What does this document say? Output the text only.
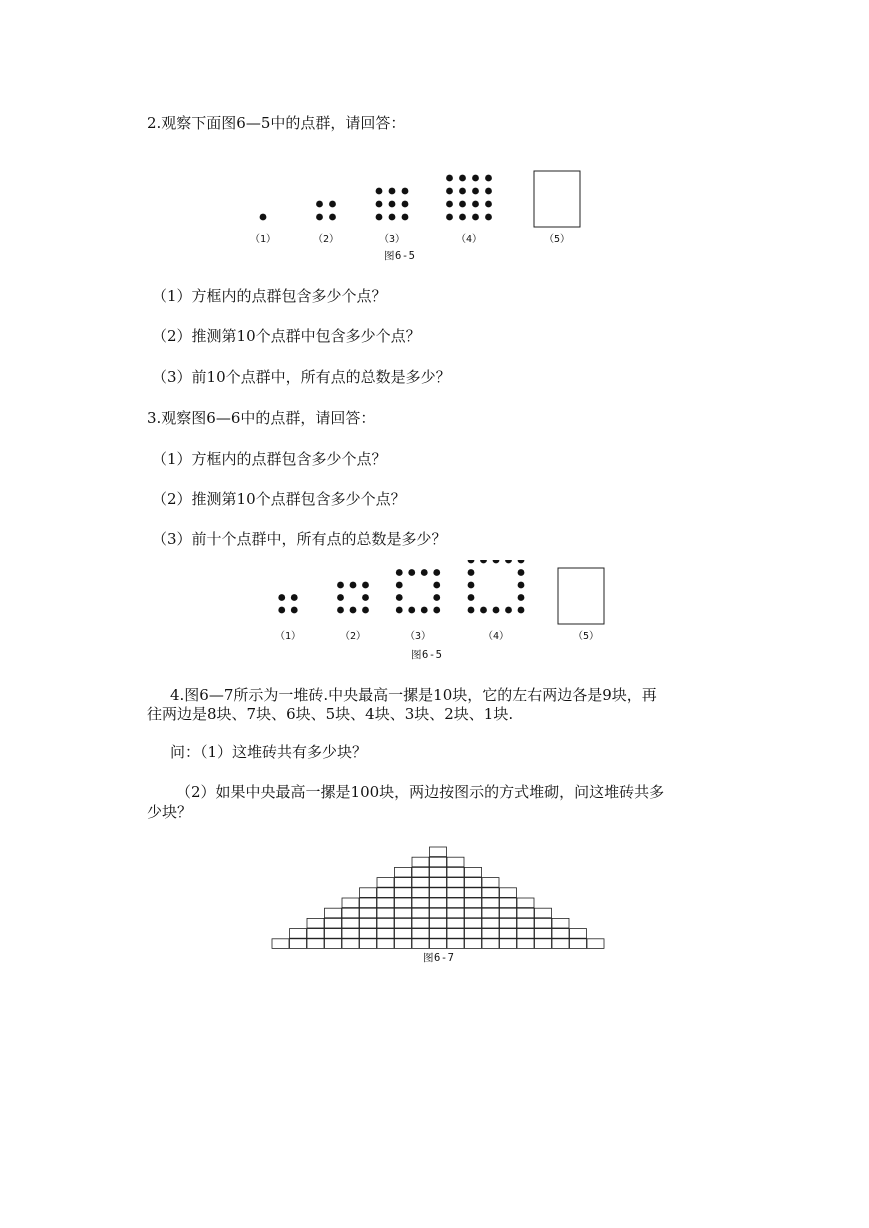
2.观察下面图6—5中的点群，请回答：
（1）	（2）	（3）	（4）	（5）
图6-5
（1）方框内的点群包含多少个点？
（2）推测第10个点群中包含多少个点？
（3）前10个点群中，所有点的总数是多少？
3.观察图6—6中的点群，请回答：
（1）方框内的点群包含多少个点？
（2）推测第10个点群包含多少个点？
（3）前十个点群中，所有点的总数是多少？
（1）	（2）	（3）	（4）	（5）
图6-5
4.图6—7所示为一堆砖.中央最高一摞是10块，它的左右两边各是9块，再
往两边是8块、7块、6块、5块、4块、3块、2块、1块.
问：（1）这堆砖共有多少块？
（2）如果中央最高一摞是100块，两边按图示的方式堆砌，问这堆砖共多
少块？
图6-7
